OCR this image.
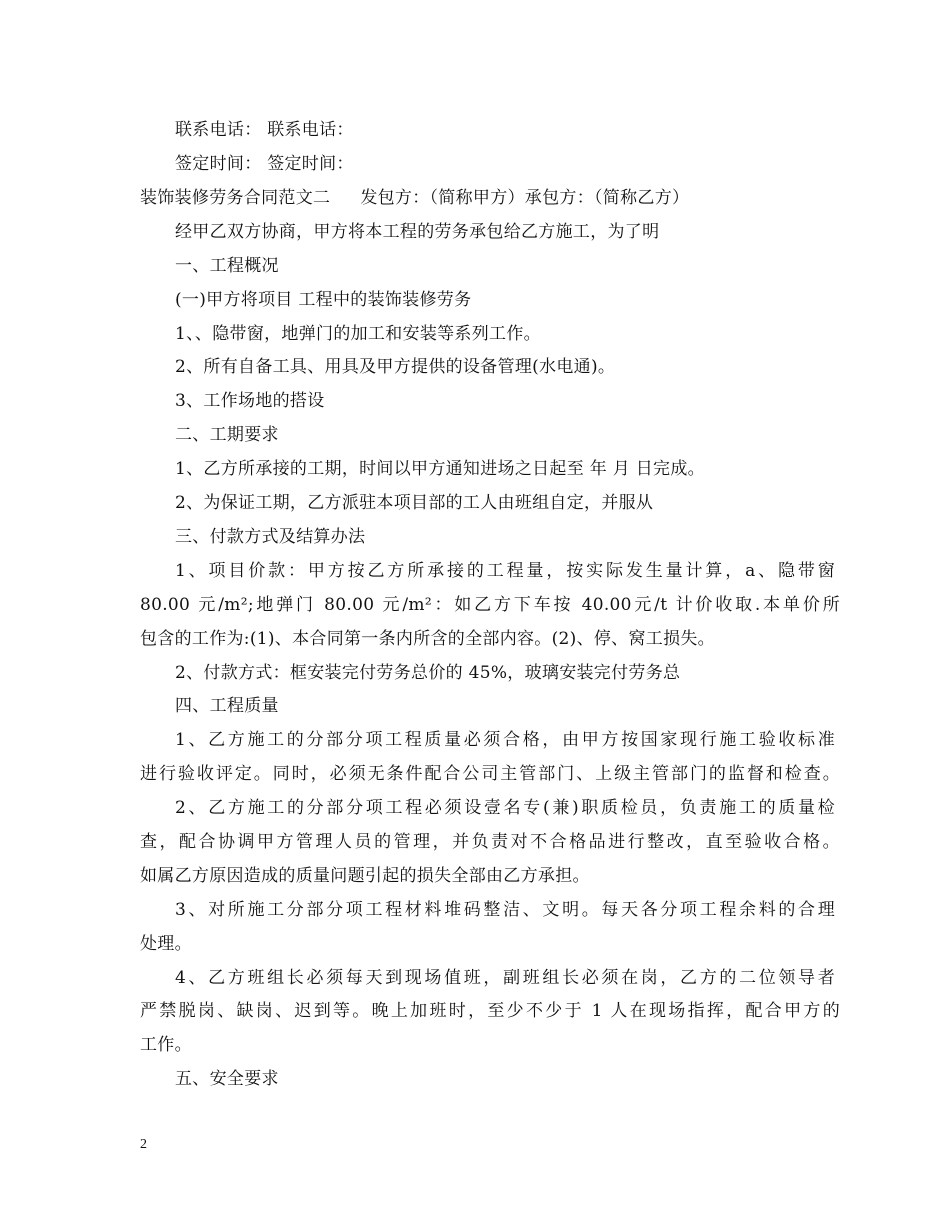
联系电话： 联系电话：
签定时间： 签定时间：
装饰装修劳务合同范文二 发包方：（简称甲方）承包方：（简称乙方）
经甲乙双方协商，甲方将本工程的劳务承包给乙方施工，为了明
一、工程概况
(一)甲方将项目 工程中的装饰装修劳务
1、、隐带窗，地弹门的加工和安装等系列工作。
2、所有自备工具、用具及甲方提供的设备管理(水电通)。
3、工作场地的搭设
二、工期要求
1、乙方所承接的工期，时间以甲方通知进场之日起至 年 月 日完成。
2、为保证工期，乙方派驻本项目部的工人由班组自定，并服从
三、付款方式及结算办法
1、项目价款：甲方按乙方所承接的工程量，按实际发生量计算，a、隐带窗
80.00 元/m²;地弹门 80.00 元/m²：如乙方下车按 40.00元/t 计价收取.本单价所
包含的工作为:(1)、本合同第一条内所含的全部内容。(2)、停、窝工损失。
2、付款方式：框安装完付劳务总价的 45%，玻璃安装完付劳务总
四、工程质量
1、乙方施工的分部分项工程质量必须合格，由甲方按国家现行施工验收标准
进行验收评定。同时，必须无条件配合公司主管部门、上级主管部门的监督和检查。
2、乙方施工的分部分项工程必须设壹名专(兼)职质检员，负责施工的质量检
查，配合协调甲方管理人员的管理，并负责对不合格品进行整改，直至验收合格。
如属乙方原因造成的质量问题引起的损失全部由乙方承担。
3、对所施工分部分项工程材料堆码整洁、文明。每天各分项工程余料的合理
处理。
4、乙方班组长必须每天到现场值班，副班组长必须在岗，乙方的二位领导者
严禁脱岗、缺岗、迟到等。晚上加班时，至少不少于 1 人在现场指挥，配合甲方的
工作。
五、安全要求
2
